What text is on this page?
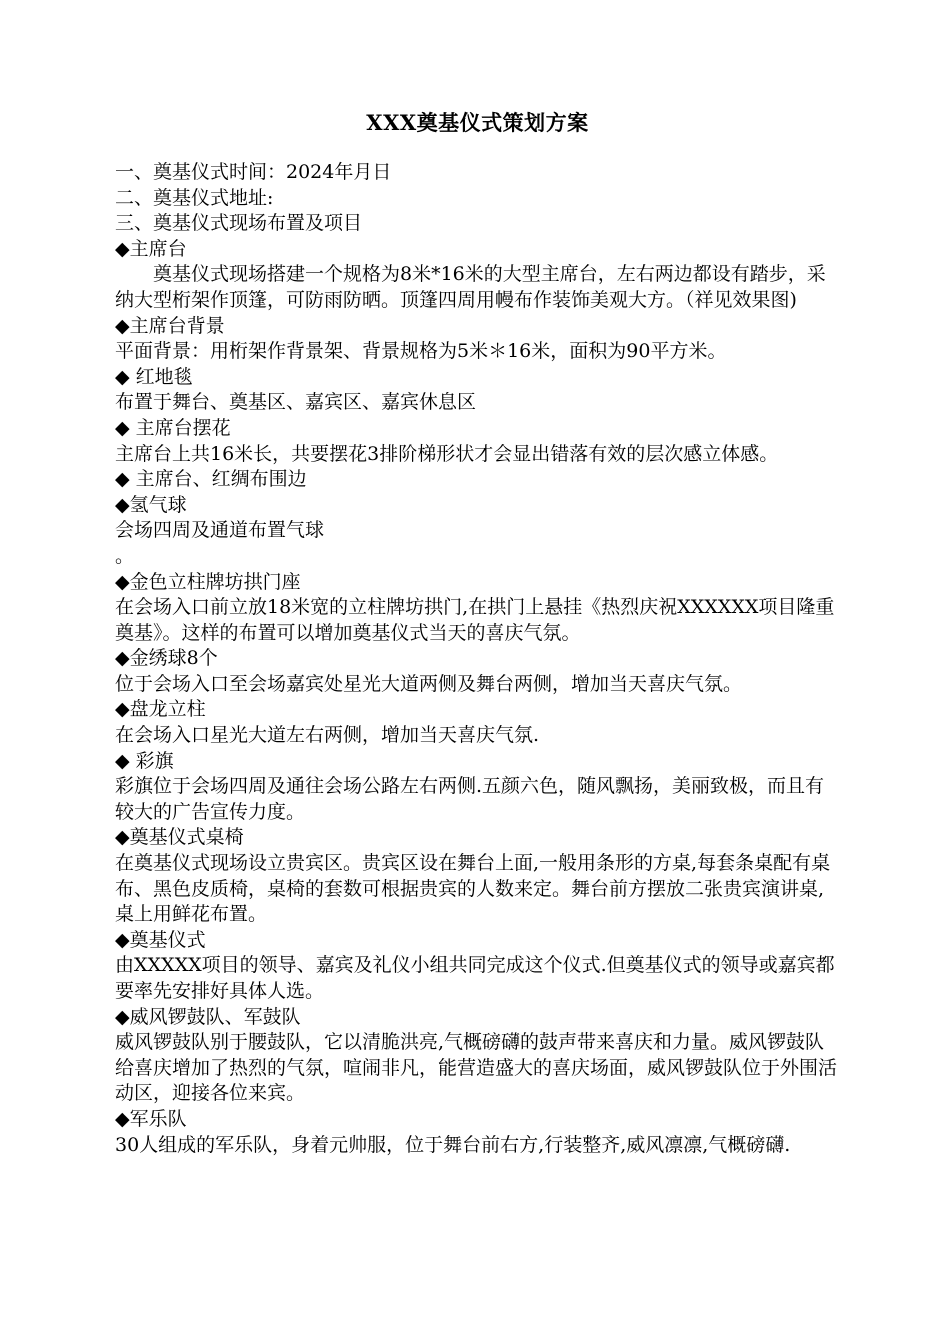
XXX奠基仪式策划方案

一、奠基仪式时间：2024年月日

二、奠基仪式地址:

三、奠基仪式现场布置及项目

◆主席台

奠基仪式现场搭建一个规格为8米*16米的大型主席台，左右两边都设有踏步，采纳大型桁架作顶篷，可防雨防晒。顶篷四周用幔布作装饰美观大方。（祥见效果图)

◆主席台背景

平面背景：用桁架作背景架、背景规格为5米＊16米，面积为90平方米。

◆ 红地毯

布置于舞台、奠基区、嘉宾区、嘉宾休息区

◆ 主席台摆花

主席台上共16米长，共要摆花3排阶梯形状才会显出错落有效的层次感立体感。

◆ 主席台、红绸布围边

◆氢气球

会场四周及通道布置气球

。

◆金色立柱牌坊拱门座

在会场入口前立放18米宽的立柱牌坊拱门,在拱门上悬挂《热烈庆祝XXXXXX项目隆重奠基》。这样的布置可以增加奠基仪式当天的喜庆气氛。

◆金绣球8个

位于会场入口至会场嘉宾处星光大道两侧及舞台两侧，增加当天喜庆气氛。

◆盘龙立柱

在会场入口星光大道左右两侧，增加当天喜庆气氛.

◆ 彩旗

彩旗位于会场四周及通往会场公路左右两侧.五颜六色，随风飘扬，美丽致极，而且有较大的广告宣传力度。

◆奠基仪式桌椅

在奠基仪式现场设立贵宾区。贵宾区设在舞台上面,一般用条形的方桌,每套条桌配有桌布、黑色皮质椅，桌椅的套数可根据贵宾的人数来定。舞台前方摆放二张贵宾演讲桌,桌上用鲜花布置。

◆奠基仪式

由XXXXX项目的领导、嘉宾及礼仪小组共同完成这个仪式.但奠基仪式的领导或嘉宾都要率先安排好具体人选。

◆威风锣鼓队、军鼓队

威风锣鼓队别于腰鼓队，它以清脆洪亮,气概磅礴的鼓声带来喜庆和力量。威风锣鼓队给喜庆增加了热烈的气氛，喧闹非凡，能营造盛大的喜庆场面，威风锣鼓队位于外围活动区，迎接各位来宾。

◆军乐队

30人组成的军乐队，身着元帅服，位于舞台前右方,行装整齐,威风凛凛,气概磅礴.
